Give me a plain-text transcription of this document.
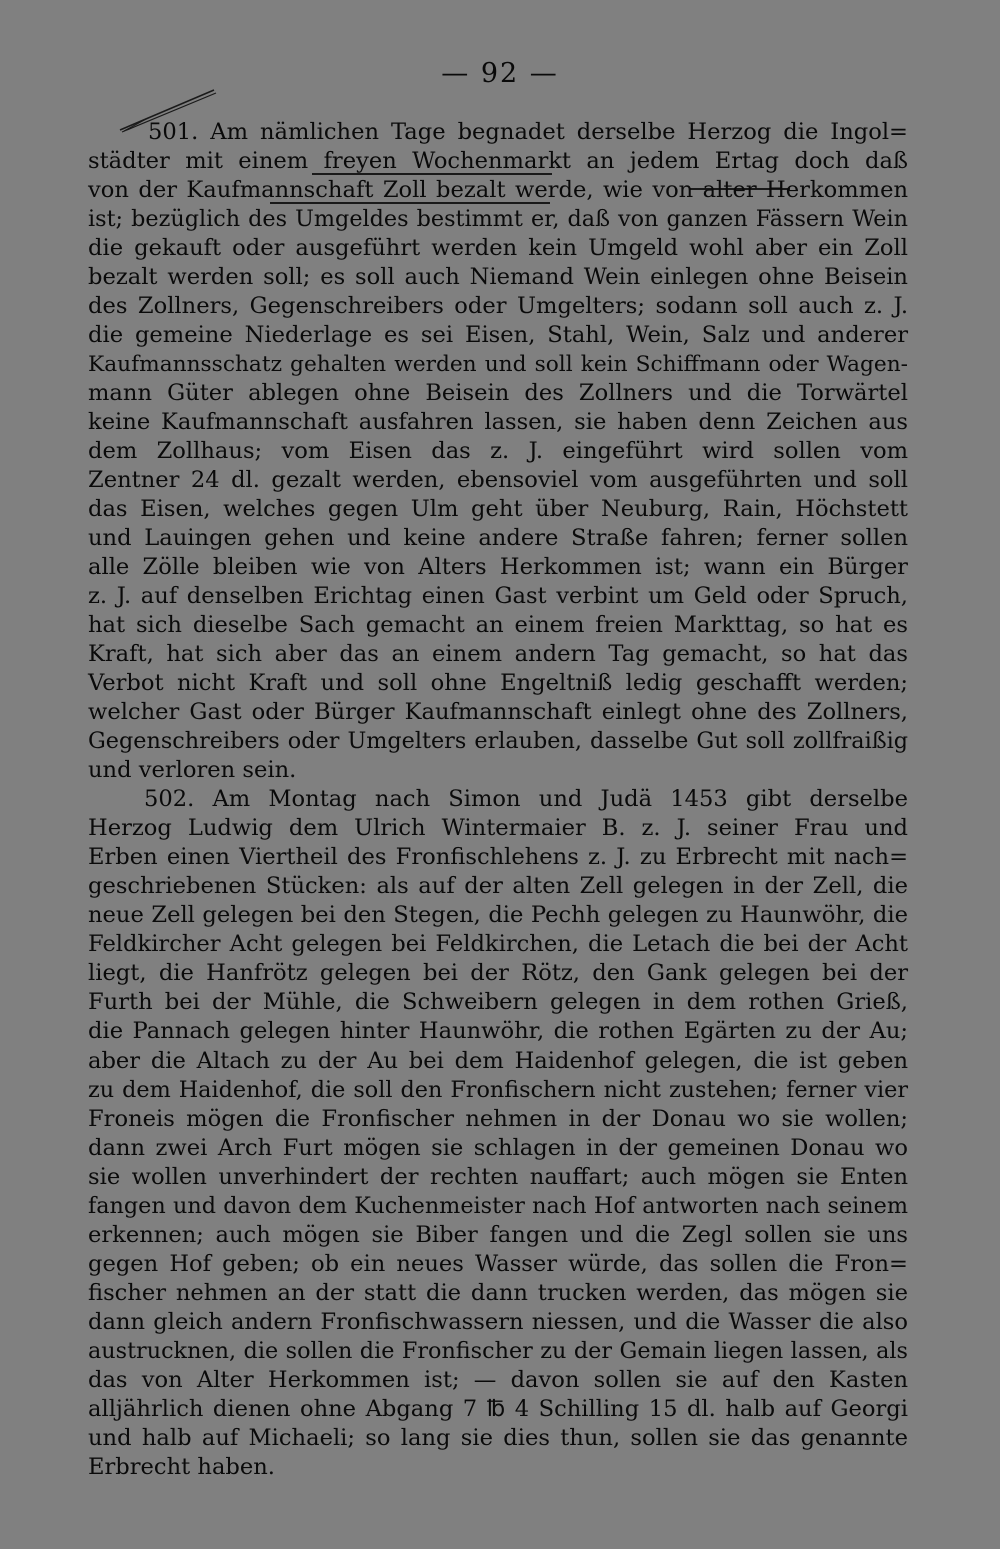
— 92 —
501. Am nämlichen Tage begnadet derselbe Herzog die Ingol=
städter mit einem freyen Wochenmarkt an jedem Ertag doch daß
von der Kaufmannschaft Zoll bezalt werde, wie von alter Herkommen
ist; bezüglich des Umgeldes bestimmt er, daß von ganzen Fässern Wein
die gekauft oder ausgeführt werden kein Umgeld wohl aber ein Zoll
bezalt werden soll; es soll auch Niemand Wein einlegen ohne Beisein
des Zollners, Gegenschreibers oder Umgelters; sodann soll auch z. J.
die gemeine Niederlage es sei Eisen, Stahl, Wein, Salz und anderer
Kaufmannsschatz gehalten werden und soll kein Schiffmann oder Wagen-
mann Güter ablegen ohne Beisein des Zollners und die Torwärtel
keine Kaufmannschaft ausfahren lassen, sie haben denn Zeichen aus
dem Zollhaus; vom Eisen das z. J. eingeführt wird sollen vom
Zentner 24 dl. gezalt werden, ebensoviel vom ausgeführten und soll
das Eisen, welches gegen Ulm geht über Neuburg, Rain, Höchstett
und Lauingen gehen und keine andere Straße fahren; ferner sollen
alle Zölle bleiben wie von Alters Herkommen ist; wann ein Bürger
z. J. auf denselben Erichtag einen Gast verbint um Geld oder Spruch,
hat sich dieselbe Sach gemacht an einem freien Markttag, so hat es
Kraft, hat sich aber das an einem andern Tag gemacht, so hat das
Verbot nicht Kraft und soll ohne Engeltniß ledig geschafft werden;
welcher Gast oder Bürger Kaufmannschaft einlegt ohne des Zollners,
Gegenschreibers oder Umgelters erlauben, dasselbe Gut soll zollfraißig
und verloren sein.
502. Am Montag nach Simon und Judä 1453 gibt derselbe
Herzog Ludwig dem Ulrich Wintermaier B. z. J. seiner Frau und
Erben einen Viertheil des Fronfischlehens z. J. zu Erbrecht mit nach=
geschriebenen Stücken: als auf der alten Zell gelegen in der Zell, die
neue Zell gelegen bei den Stegen, die Pechh gelegen zu Haunwöhr, die
Feldkircher Acht gelegen bei Feldkirchen, die Letach die bei der Acht
liegt, die Hanfrötz gelegen bei der Rötz, den Gank gelegen bei der
Furth bei der Mühle, die Schweibern gelegen in dem rothen Grieß,
die Pannach gelegen hinter Haunwöhr, die rothen Egärten zu der Au;
aber die Altach zu der Au bei dem Haidenhof gelegen, die ist geben
zu dem Haidenhof, die soll den Fronfischern nicht zustehen; ferner vier
Froneis mögen die Fronfischer nehmen in der Donau wo sie wollen;
dann zwei Arch Furt mögen sie schlagen in der gemeinen Donau wo
sie wollen unverhindert der rechten nauffart; auch mögen sie Enten
fangen und davon dem Kuchenmeister nach Hof antworten nach seinem
erkennen; auch mögen sie Biber fangen und die Zegl sollen sie uns
gegen Hof geben; ob ein neues Wasser würde, das sollen die Fron=
fischer nehmen an der statt die dann trucken werden, das mögen sie
dann gleich andern Fronfischwassern niessen, und die Wasser die also
austrucknen, die sollen die Fronfischer zu der Gemain liegen lassen, als
das von Alter Herkommen ist; — davon sollen sie auf den Kasten
alljährlich dienen ohne Abgang 7 ℔ 4 Schilling 15 dl. halb auf Georgi
und halb auf Michaeli; so lang sie dies thun, sollen sie das genannte
Erbrecht haben.
